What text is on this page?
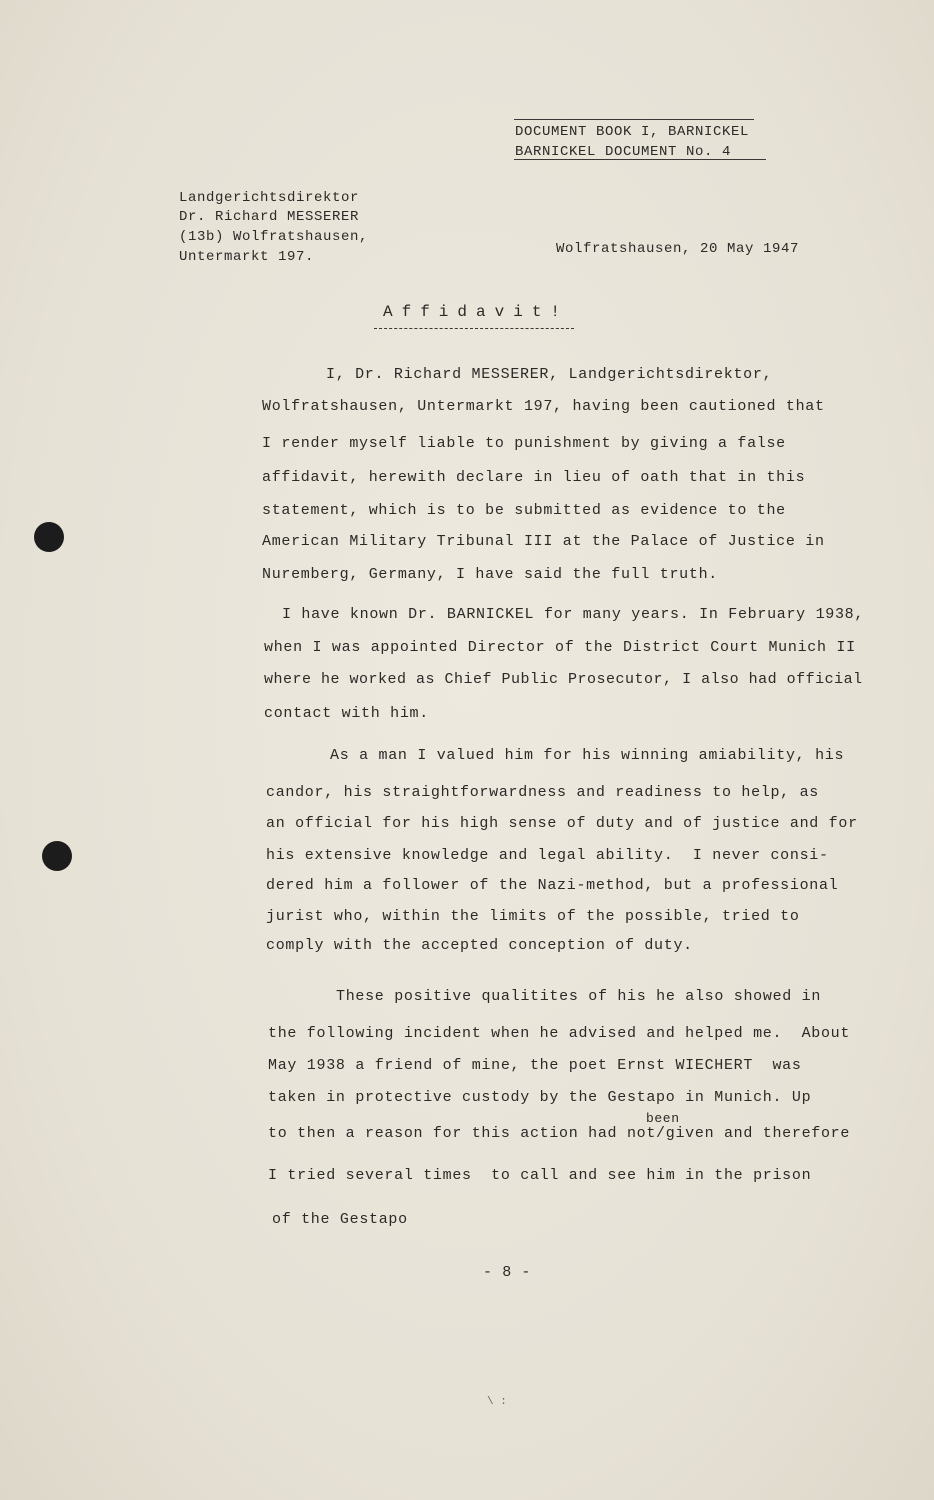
DOCUMENT BOOK I, BARNICKEL
BARNICKEL DOCUMENT No. 4
Landgerichtsdirektor
Dr. Richard MESSERER
(13b) Wolfratshausen,
Untermarkt 197.	Wolfratshausen, 20 May 1947
Affidavit!
I, Dr. Richard MESSERER, Landgerichtsdirektor,
Wolfratshausen, Untermarkt 197, having been cautioned that
I render myself liable to punishment by giving a false
affidavit, herewith declare in lieu of oath that in this
statement, which is to be submitted as evidence to the
American Military Tribunal III at the Palace of Justice in
Nuremberg, Germany, I have said the full truth.
I have known Dr. BARNICKEL for many years. In February 1938,
when I was appointed Director of the District Court Munich II
where he worked as Chief Public Prosecutor, I also had official
contact with him.
As a man I valued him for his winning amiability, his
candor, his straightforwardness and readiness to help, as
an official for his high sense of duty and of justice and for
his extensive knowledge and legal ability.  I never consi-
dered him a follower of the Nazi-method, but a professional
jurist who, within the limits of the possible, tried to
comply with the accepted conception of duty.
These positive qualitites of his he also showed in
the following incident when he advised and helped me.  About
May 1938 a friend of mine, the poet Ernst WIECHERT  was
taken in protective custody by the Gestapo in Munich. Up
been
to then a reason for this action had not/given and therefore
I tried several times  to call and see him in the prison
of the Gestapo
- 8 -
\ :
